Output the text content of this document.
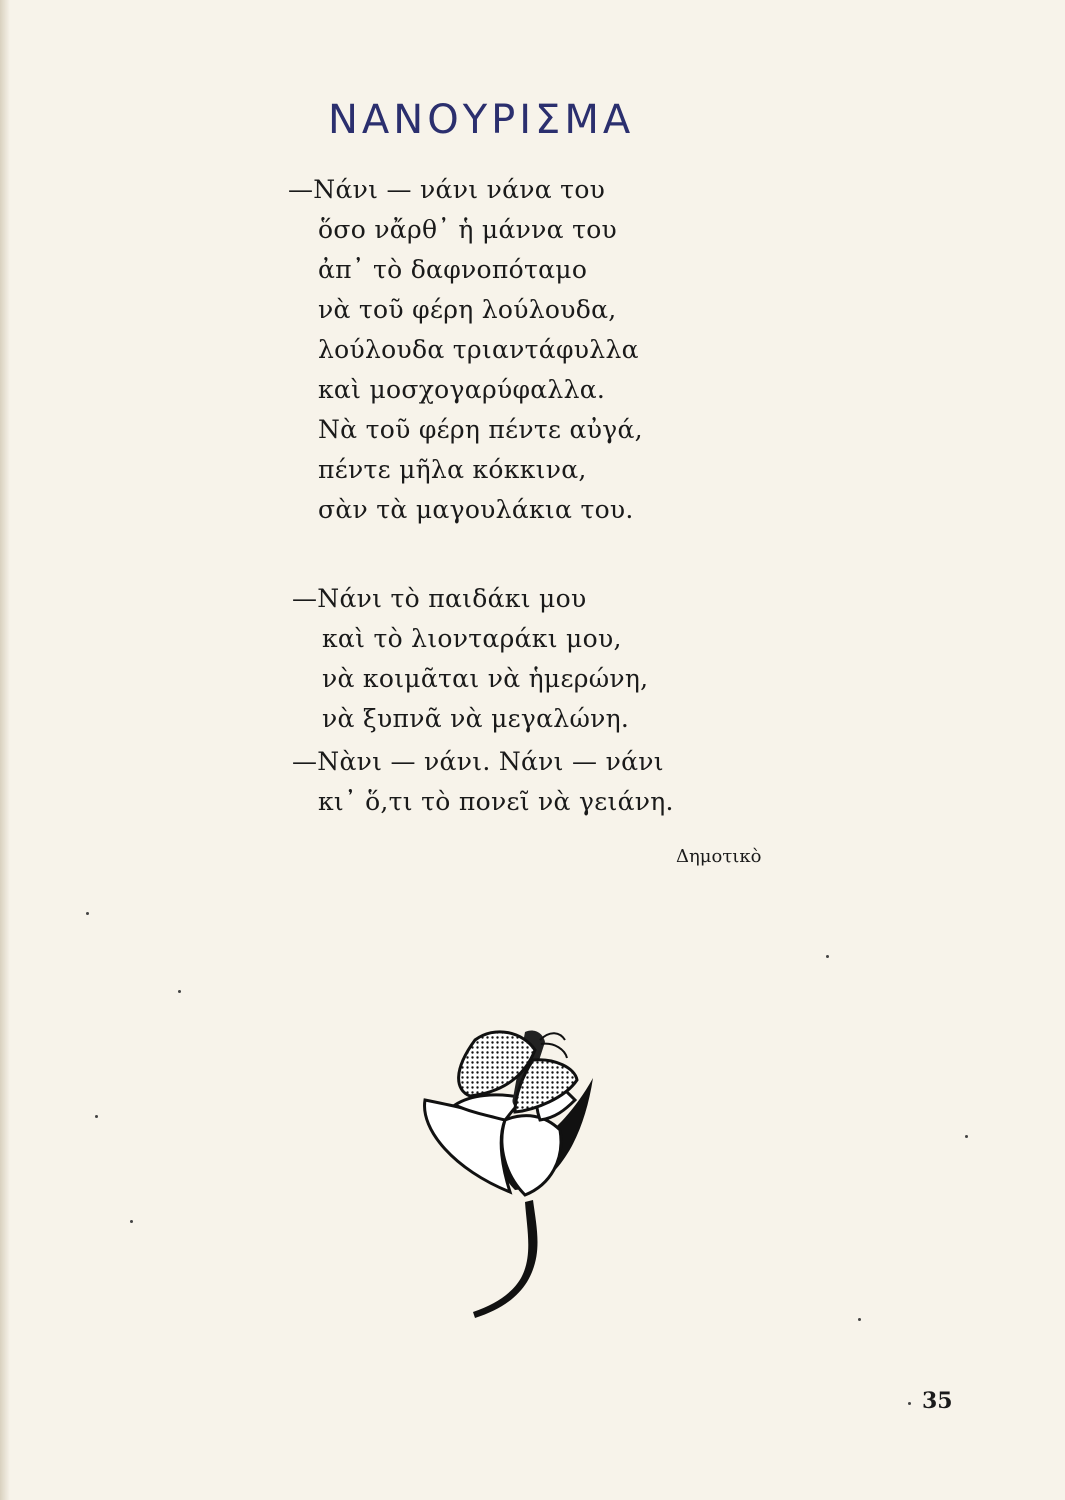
ΝΑΝΟΥΡΙΣΜΑ
—Νάνι — νάνι νάνα του
ὅσο νἄρθ᾿ ἡ μάννα του
ἀπ᾿ τὸ δαφνοπόταμο
νὰ τοῦ φέρη λούλουδα,
λούλουδα τριαντάφυλλα
καὶ μοσχογαρύφαλλα.
Νὰ τοῦ φέρη πέντε αὐγά,
πέντε μῆλα κόκκινα,
σὰν τὰ μαγουλάκια του.
—Νάνι τὸ παιδάκι μου
καὶ τὸ λιονταράκι μου,
νὰ κοιμᾶται νὰ ἡμερώνη,
νὰ ξυπνᾶ νὰ μεγαλώνη.
—Νὰνι — νάνι. Νάνι — νάνι
κι᾿ ὅ,τι τὸ πονεῖ νὰ γειάνη.
Δημοτικὸ
35
